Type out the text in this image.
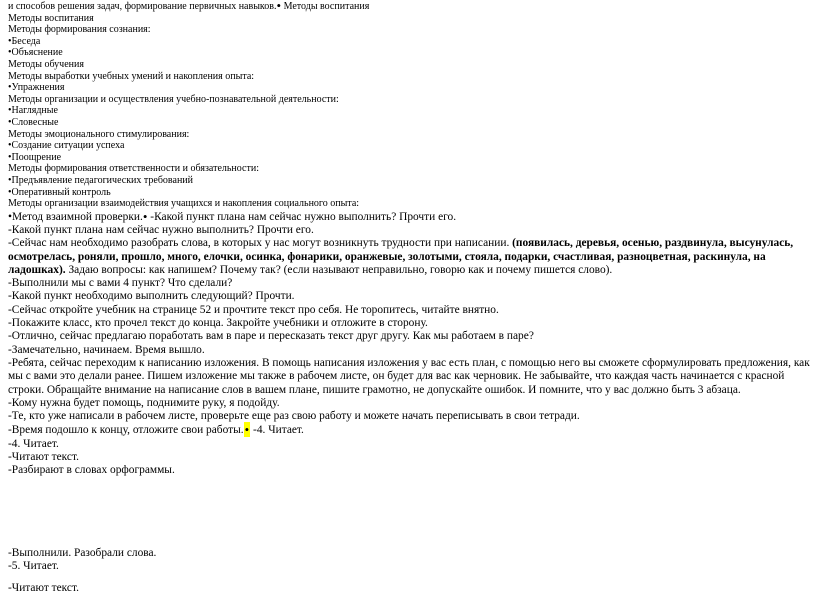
и способов решения задач, формирование первичных навыков.• Методы воспитания
Методы воспитания
Методы формирования сознания:
•Беседа
•Объяснение
Методы обучения
Методы выработки учебных умений и накопления опыта:
•Упражнения
Методы организации и осуществления учебно-познавательной деятельности:
•Наглядные
•Словесные
Методы эмоционального стимулирования:
•Создание ситуации успеха
•Поощрение
Методы формирования ответственности и обязательности:
•Предъявление педагогических требований
•Оперативный контроль
Методы организации взаимодействия учащихся и накопления социального опыта:
•Метод взаимной проверки.• -Какой пункт плана нам сейчас нужно выполнить? Прочти его.
-Какой пункт плана нам сейчас нужно выполнить? Прочти его.
-Сейчас нам необходимо разобрать слова, в которых у нас могут возникнуть трудности при написании. (появилась, деревья, осенью, раздвинула, высунулась, осмотрелась, роняли, прошло, много, елочки, осинка, фонарики, оранжевые, золотыми, стояла, подарки, счастливая, разноцветная, раскинула, на ладошках). Задаю вопросы: как напишем? Почему так? (если называют неправильно, говорю как и почему пишется слово).
-Выполнили мы с вами 4 пункт? Что сделали?
-Какой пункт необходимо выполнить следующий? Прочти.
-Сейчас откройте учебник на странице 52 и прочтите текст про себя. Не торопитесь, читайте внятно.
-Покажите класс, кто прочел текст до конца. Закройте учебники и отложите в сторону.
-Отлично, сейчас предлагаю поработать вам в паре и пересказать текст друг другу. Как мы работаем в паре?
-Замечательно, начинаем. Время вышло.
-Ребята, сейчас переходим к написанию изложения. В помощь написания изложения у вас есть план, с помощью него вы сможете сформулировать предложения, как мы с вами это делали ранее. Пишем изложение мы также в рабочем листе, он будет для вас как черновик. Не забывайте, что каждая часть начинается с красной строки. Обращайте внимание на написание слов в вашем плане, пишите грамотно, не допускайте ошибок. И помните, что у вас должно быть 3 абзаца.
-Кому нужна будет помощь, поднимите руку, я подойду.
-Те, кто уже написали в рабочем листе, проверьте еще раз свою работу и можете начать переписывать в свои тетради.
-Время подошло к концу, отложите свои работы.• -4. Читает.
-4. Читает.
-Читают текст.
-Разбирают в словах орфограммы.
-Выполнили. Разобрали слова.
-5. Читает.
-Читают текст.
